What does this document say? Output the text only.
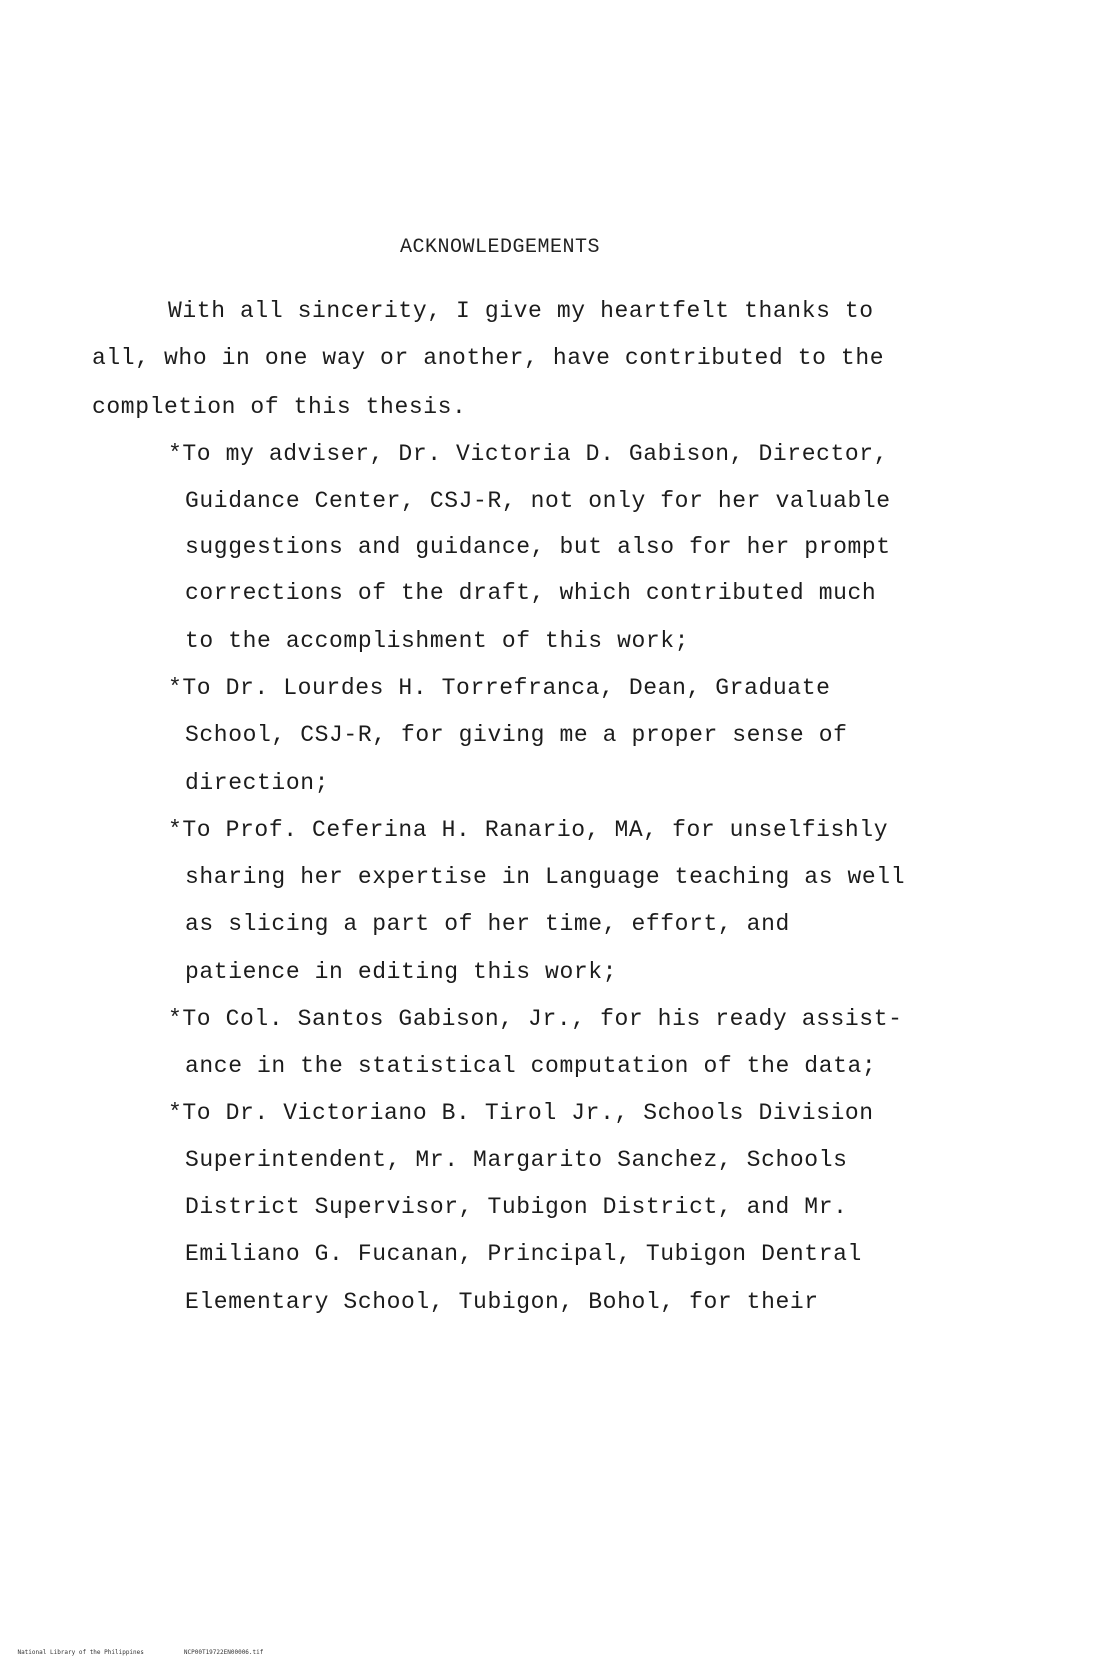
ACKNOWLEDGEMENTS
With all sincerity, I give my heartfelt thanks to
all, who in one way or another, have contributed to the
completion of this thesis.
*To my adviser, Dr. Victoria D. Gabison, Director,
Guidance Center, CSJ-R, not only for her valuable
suggestions and guidance, but also for her prompt
corrections of the draft, which contributed much
to the accomplishment of this work;
*To Dr. Lourdes H. Torrefranca, Dean, Graduate
School, CSJ-R, for giving me a proper sense of
direction;
*To Prof. Ceferina H. Ranario, MA, for unselfishly
sharing her expertise in Language teaching as well
as slicing a part of her time, effort, and
patience in editing this work;
*To Col. Santos Gabison, Jr., for his ready assist-
ance in the statistical computation of the data;
*To Dr. Victoriano B. Tirol Jr., Schools Division
Superintendent, Mr. Margarito Sanchez, Schools
District Supervisor, Tubigon District, and Mr.
Emiliano G. Fucanan, Principal, Tubigon Dentral
Elementary School, Tubigon, Bohol, for their

National Library of the Philippines	NCP00T19722EN00006.tif
